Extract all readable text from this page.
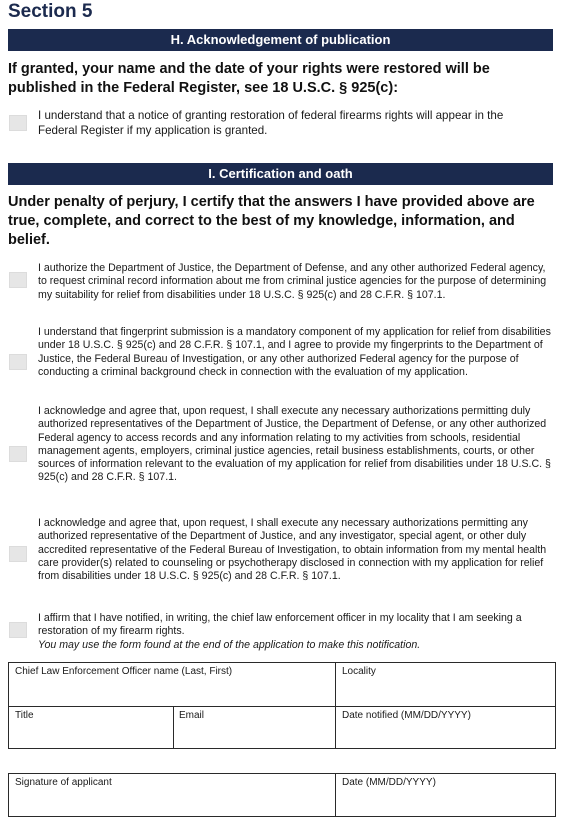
Section 5
H. Acknowledgement of publication
If granted, your name and the date of your rights were restored will be published in the Federal Register, see 18 U.S.C. § 925(c):
I understand that a notice of granting restoration of federal firearms rights will appear in the Federal Register if my application is granted.
I. Certification and oath
Under penalty of perjury, I certify that the answers I have provided above are true, complete, and correct to the best of my knowledge, information, and belief.
I authorize the Department of Justice, the Department of Defense, and any other authorized Federal agency, to request criminal record information about me from criminal justice agencies for the purpose of determining my suitability for relief from disabilities under 18 U.S.C. § 925(c) and 28 C.F.R. § 107.1.
I understand that fingerprint submission is a mandatory component of my application for relief from disabilities under 18 U.S.C. § 925(c) and 28 C.F.R. § 107.1, and I agree to provide my fingerprints to the Department of Justice, the Federal Bureau of Investigation, or any other authorized Federal agency for the purpose of conducting a criminal background check in connection with the evaluation of my application.
I acknowledge and agree that, upon request, I shall execute any necessary authorizations permitting duly authorized representatives of the Department of Justice, the Department of Defense, or any other authorized Federal agency to access records and any information relating to my activities from schools, residential management agents, employers, criminal justice agencies, retail business establishments, courts, or other sources of information relevant to the evaluation of my application for relief from disabilities under 18 U.S.C. § 925(c) and 28 C.F.R. § 107.1.
I acknowledge and agree that, upon request, I shall execute any necessary authorizations permitting any authorized representative of the Department of Justice, and any investigator, special agent, or other duly accredited representative of the Federal Bureau of Investigation, to obtain information from my mental health care provider(s) related to counseling or psychotherapy disclosed in connection with my application for relief from disabilities under 18 U.S.C. § 925(c) and 28 C.F.R. § 107.1.
I affirm that I have notified, in writing, the chief law enforcement officer in my locality that I am seeking a restoration of my firearm rights.
You may use the form found at the end of the application to make this notification.
Chief Law Enforcement Officer name (Last, First)	Locality
Title	Email	Date notified (MM/DD/YYYY)
Signature of applicant	Date (MM/DD/YYYY)
